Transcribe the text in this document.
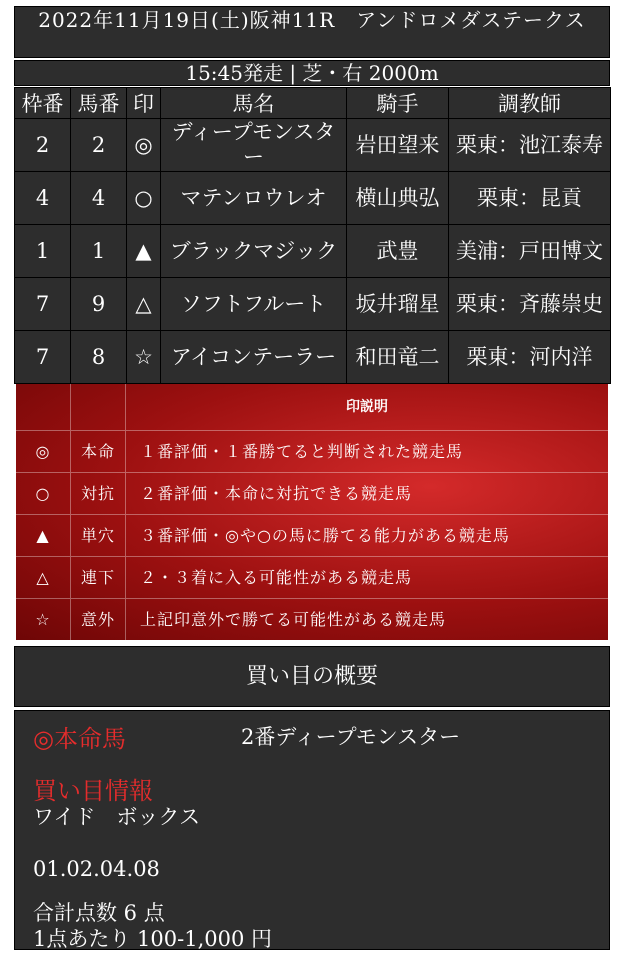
2022年11月19日(土)阪神11R　アンドロメダステークス
15:45発走 | 芝・右 2000m
枠番	馬番	印	馬名	騎手	調教師
2	2	◎	ディープモンスター	岩田望来	栗東：池江泰寿
4	4	○	マテンロウレオ	横山典弘	栗東：昆貢
1	1	▲	ブラックマジック	武豊	美浦：戸田博文
7	9	△	ソフトフルート	坂井瑠星	栗東：斉藤崇史
7	8	☆	アイコンテーラー	和田竜二	栗東：河内洋
印説明
◎	本命	１番評価・１番勝てると判断された競走馬
○	対抗	２番評価・本命に対抗できる競走馬
▲	単穴	３番評価・◎や○の馬に勝てる能力がある競走馬
△	連下	２・３着に入る可能性がある競走馬
☆	意外	上記印意外で勝てる可能性がある競走馬
買い目の概要
◎本命馬	2番ディープモンスター
買い目情報
ワイド　ボックス
01.02.04.08
合計点数 6 点
1点あたり 100-1,000 円
